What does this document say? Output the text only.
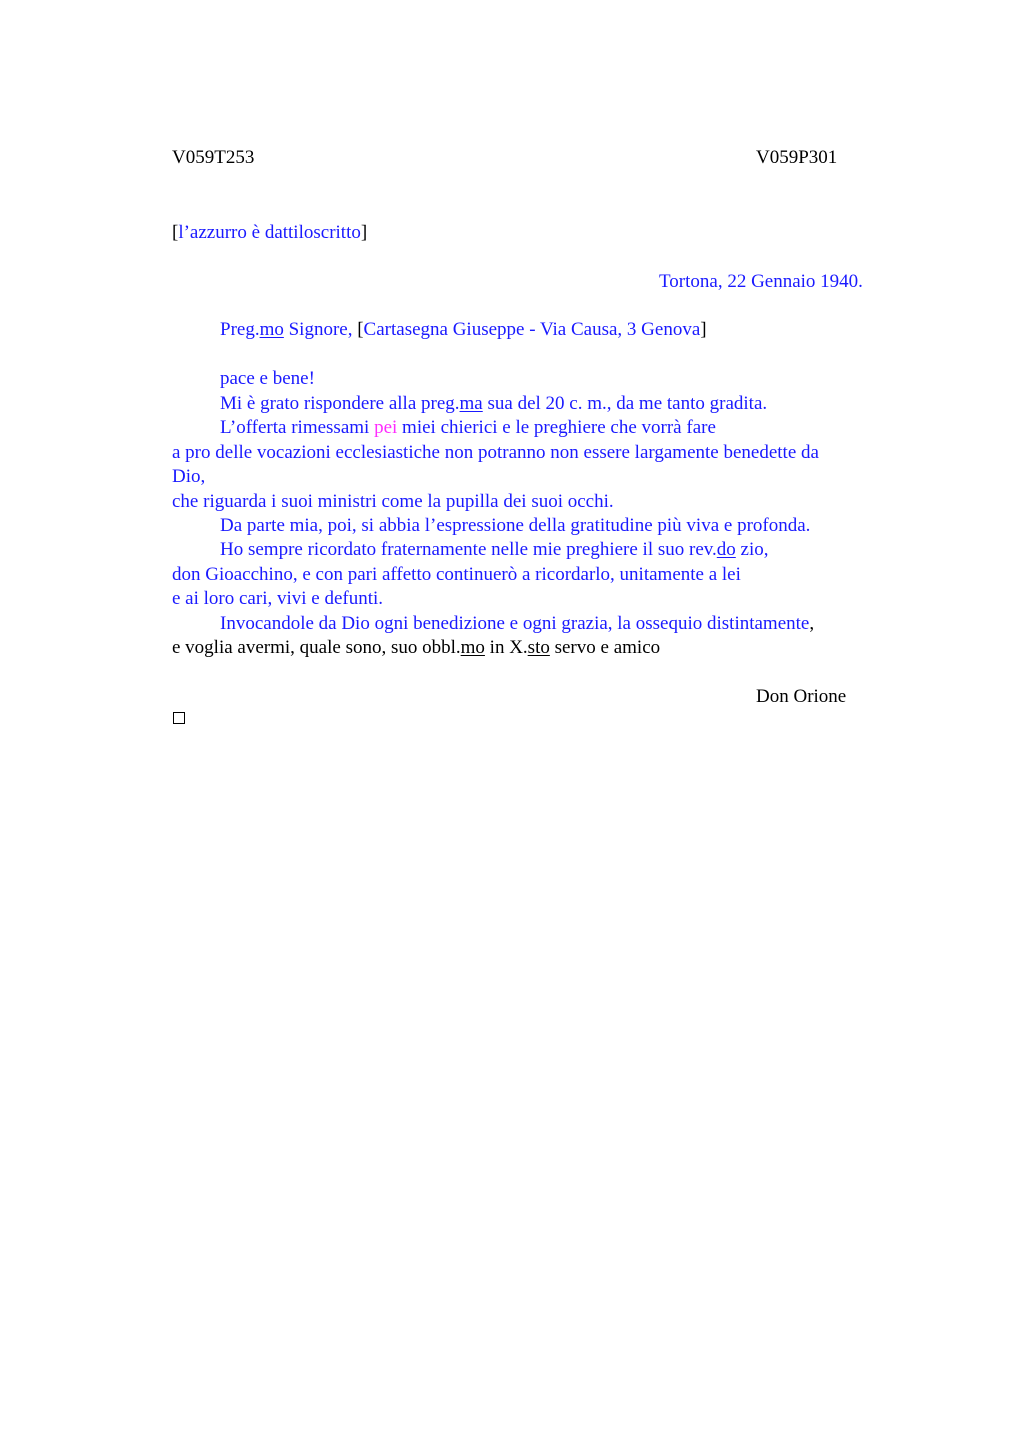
V059T253	V059P301
[l’azzurro è dattiloscritto]
Tortona, 22 Gennaio 1940.
Preg.mo Signore, [Cartasegna Giuseppe - Via Causa, 3 Genova]
pace e bene!
Mi è grato rispondere alla preg.ma sua del 20 c. m., da me tanto gradita.
L’offerta rimessami pei miei chierici e le preghiere che vorrà fare
a pro delle vocazioni ecclesiastiche non potranno non essere largamente benedette da
Dio,
che riguarda i suoi ministri come la pupilla dei suoi occhi.
Da parte mia, poi, si abbia l’espressione della gratitudine più viva e profonda.
Ho sempre ricordato fraternamente nelle mie preghiere il suo rev.do zio,
don Gioacchino, e con pari affetto continuerò a ricordarlo, unitamente a lei
e ai loro cari, vivi e defunti.
Invocandole da Dio ogni benedizione e ogni grazia, la ossequio distintamente,
e voglia avermi, quale sono, suo obbl.mo in X.sto servo e amico
Don Orione
